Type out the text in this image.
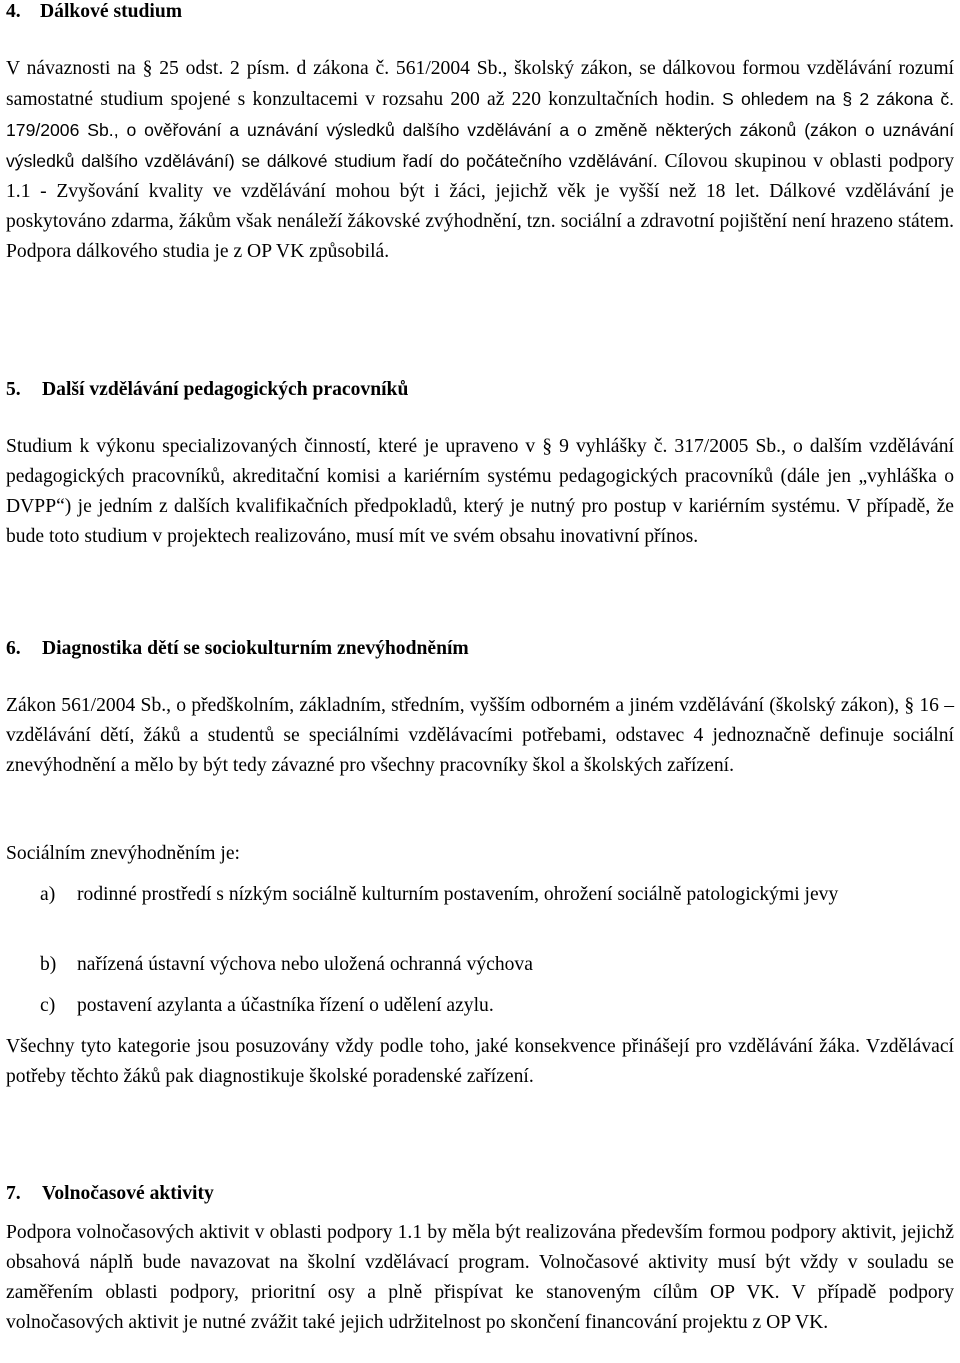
4. Dálkové studium

V návaznosti na § 25 odst. 2 písm. d zákona č. 561/2004 Sb., školský zákon, se dálkovou formou vzdělávání rozumí samostatné studium spojené s konzultacemi v rozsahu 200 až 220 konzultačních hodin. S ohledem na § 2 zákona č. 179/2006 Sb., o ověřování a uznávání výsledků dalšího vzdělávání a o změně některých zákonů (zákon o uznávání výsledků dalšího vzdělávání) se dálkové studium řadí do počátečního vzdělávání. Cílovou skupinou v oblasti podpory 1.1 - Zvyšování kvality ve vzdělávání mohou být i žáci, jejichž věk je vyšší než 18 let. Dálkové vzdělávání je poskytováno zdarma, žákům však nenáleží žákovské zvýhodnění, tzn. sociální a zdravotní pojištění není hrazeno státem. Podpora dálkového studia je z OP VK způsobilá.

5.	Další vzdělávání pedagogických pracovníků

Studium k výkonu specializovaných činností, které je upraveno v § 9 vyhlášky č. 317/2005 Sb., o dalším vzdělávání pedagogických pracovníků, akreditační komisi a kariérním systému pedagogických pracovníků (dále jen „vyhláška o DVPP“) je jedním z dalších kvalifikačních předpokladů, který je nutný pro postup v kariérním systému. V případě, že bude toto studium v projektech realizováno, musí mít ve svém obsahu inovativní přínos.

6.	Diagnostika dětí se sociokulturním znevýhodněním

Zákon 561/2004 Sb., o předškolním, základním, středním, vyšším odborném a jiném vzdělávání (školský zákon), § 16 – vzdělávání dětí, žáků a studentů se speciálními vzdělávacími potřebami, odstavec 4 jednoznačně definuje sociální znevýhodnění a mělo by být tedy závazné pro všechny pracovníky škol a školských zařízení.

Sociálním znevýhodněním je:

a)	rodinné prostředí s nízkým sociálně kulturním postavením, ohrožení sociálně patologickými jevy
b)	nařízená ústavní výchova nebo uložená ochranná výchova
c)	postavení azylanta a účastníka řízení o udělení azylu.

Všechny tyto kategorie jsou posuzovány vždy podle toho, jaké konsekvence přinášejí pro vzdělávání žáka. Vzdělávací potřeby těchto žáků pak diagnostikuje školské poradenské zařízení.

7.	Volnočasové aktivity

Podpora volnočasových aktivit v oblasti podpory 1.1 by měla být realizována především formou podpory aktivit, jejichž obsahová náplň bude navazovat na školní vzdělávací program. Volnočasové aktivity musí být vždy v souladu se zaměřením oblasti podpory, prioritní osy a plně přispívat ke stanoveným cílům OP VK. V případě podpory volnočasových aktivit je nutné zvážit také jejich udržitelnost po skončení financování projektu z OP VK.
